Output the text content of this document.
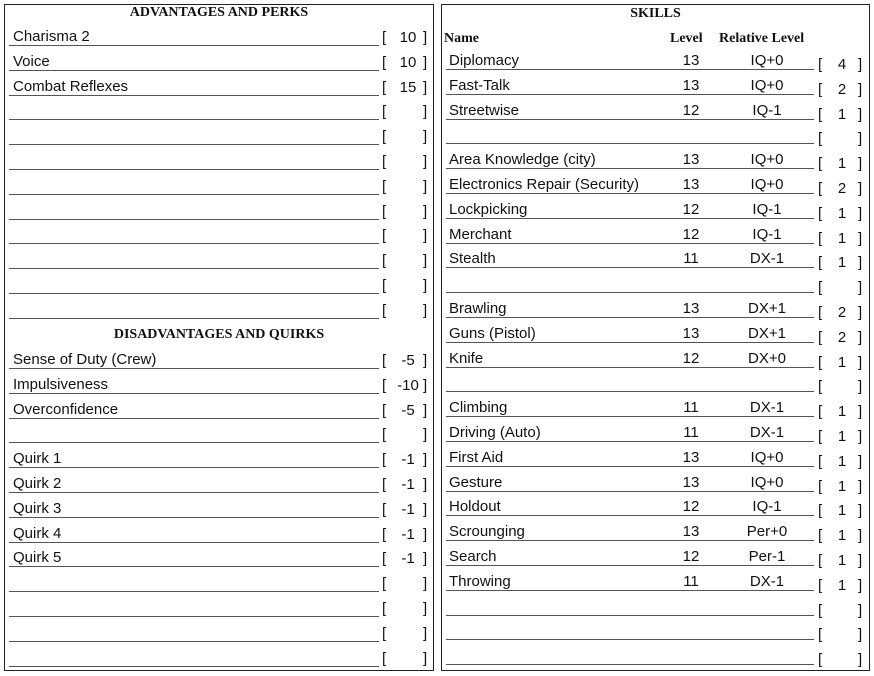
ADVANTAGES AND PERKS
Charisma 2	[ 10 ]
Voice	[ 10 ]
Combat Reflexes	[ 15 ]
[ ]
[ ]
[ ]
[ ]
[ ]
[ ]
[ ]
[ ]
[ ]
DISADVANTAGES AND QUIRKS
Sense of Duty (Crew)	[	-5 ]
Impulsiveness	[ -10 ]
Overconfidence	[	-5 ]
[ ]
Quirk 1	[	-1 ]
Quirk 2	[	-1 ]
Quirk 3	[	-1 ]
Quirk 4	[	-1 ]
Quirk 5	[	-1 ]
[ ]
[ ]
[ ]
[ ]
SKILLS
Name	Level Relative Level
Diplomacy	13	IQ+0	[	4 ]
Fast-Talk	13	IQ+0	[	2 ]
Streetwise	12	IQ-1	[	1 ]
[ ]
Area Knowledge (city)	13	IQ+0	[	1 ]
Electronics Repair (Security)	13	IQ+0	[	2 ]
Lockpicking	12	IQ-1	[	1 ]
Merchant	12	IQ-1	[	1 ]
Stealth	11	DX-1	[	1 ]
[ ]
Brawling	13	DX+1	[	2 ]
Guns (Pistol)	13	DX+1	[	2 ]
Knife	12	DX+0	[	1 ]
[ ]
Climbing	11	DX-1	[	1 ]
Driving (Auto)	11	DX-1	[	1 ]
First Aid	13	IQ+0	[	1 ]
Gesture	13	IQ+0	[	1 ]
Holdout	12	IQ-1	[	1 ]
Scrounging	13	Per+0	[	1 ]
Search	12	Per-1	[	1 ]
Throwing	11	DX-1	[	1 ]
[ ]
[ ]
[ ]
